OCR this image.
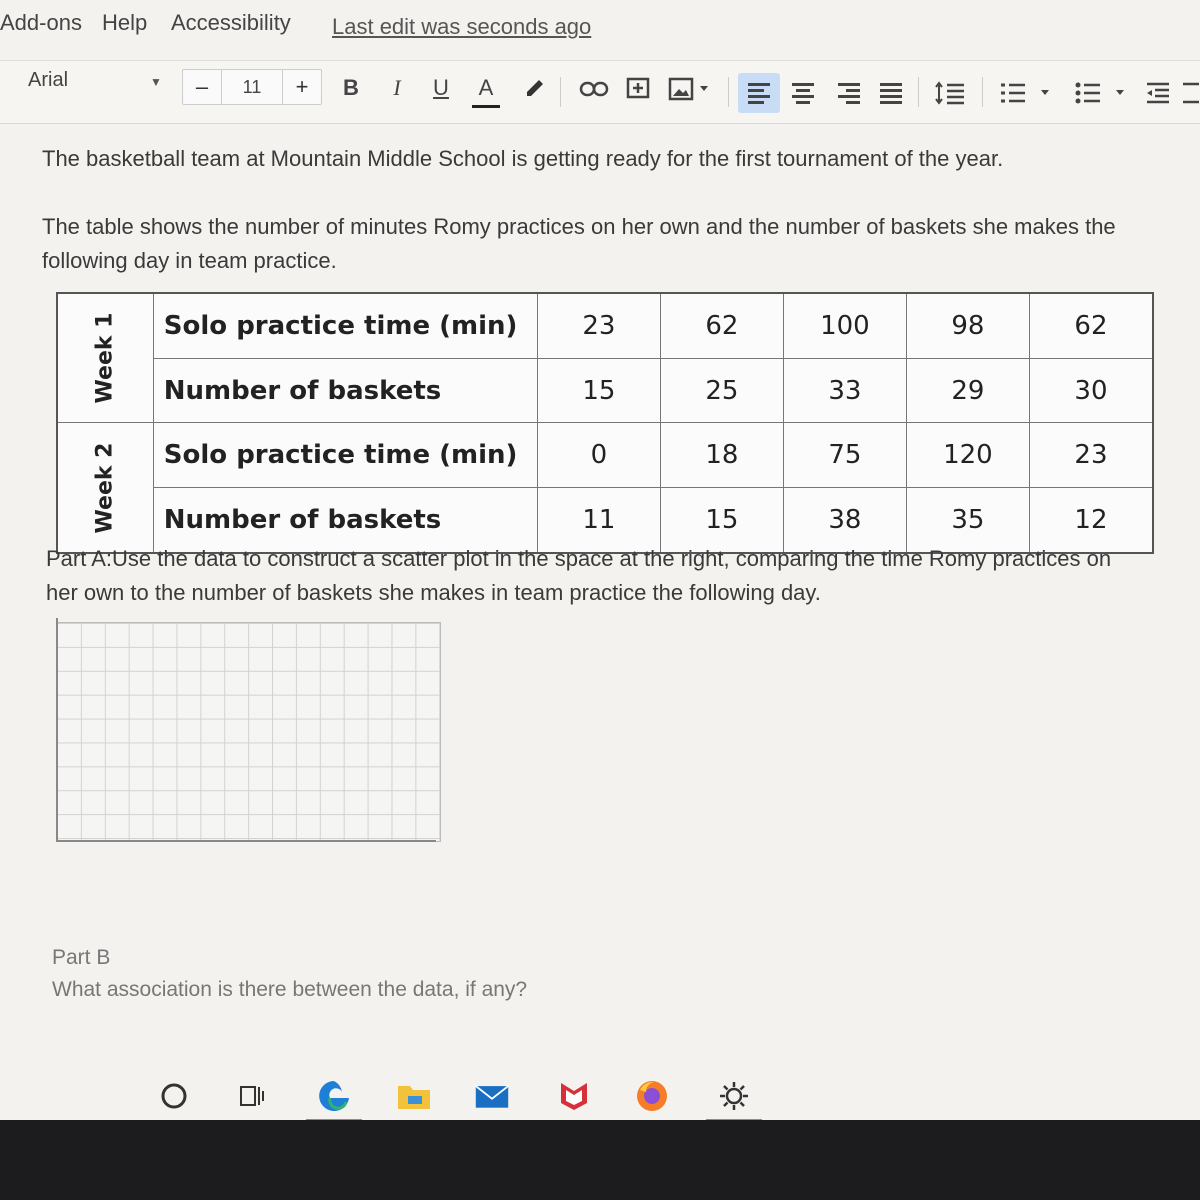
Add-ons Help Accessibility Last edit was seconds ago
Arial	▼	–	11	+	B	I	U	A
The basketball team at Mountain Middle School is getting ready for the first tournament of the year.
The table shows the number of minutes Romy practices on her own and the number of baskets she makes the following day in team practice.
Week 1	Solo practice time (min)	23	62	100	98	62
	Number of baskets	15	25	33	29	30

Week 2	Solo practice time (min)	0	18	75	120	23
	Number of baskets	11	15	38	35	12
Part A:Use the data to construct a scatter plot in the space at the right, comparing the time Romy practices on her own to the number of baskets she makes in team practice the following day.
Part B
What association is there between the data, if any?
